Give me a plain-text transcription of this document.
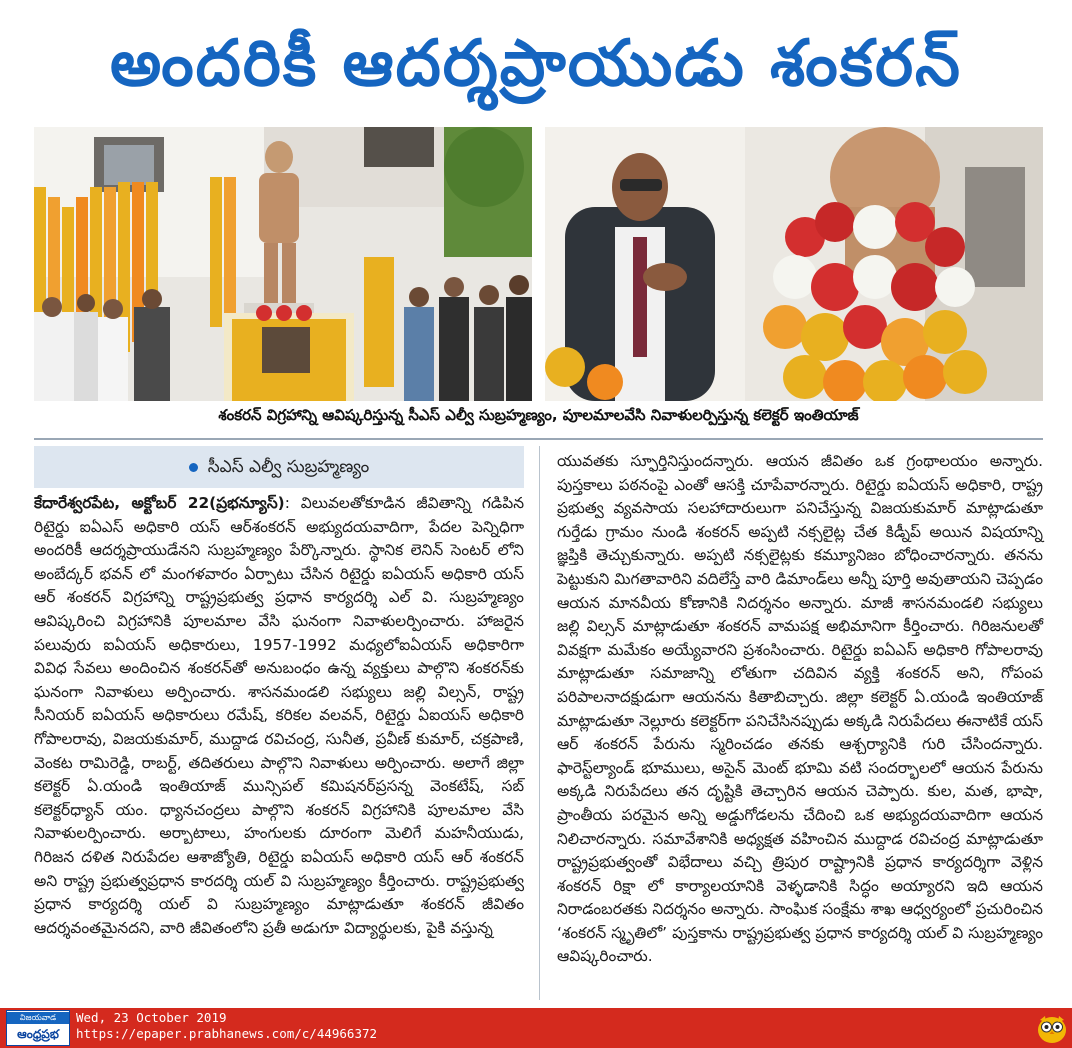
అందరికీ ఆదర్శప్రాయుడు శంకరన్
శంకరన్ విగ్రహాన్ని ఆవిష్కరిస్తున్న సీఎస్ ఎల్వీ సుబ్రహ్మణ్యం, పూలమాలవేసి నివాళులర్పిస్తున్న కలెక్టర్ ఇంతియాజ్
సీఎస్ ఎల్వీ సుబ్రహ్మణ్యం

కేదారేశ్వరపేట, అక్టోబర్ 22(ప్రభన్యూస్): విలువలతోకూడిన జీవితాన్ని గడిపిన రిటైర్డు ఐఏఎస్ అధికారి యస్ ఆర్‌శంకరన్ అభ్యుదయవాదిగా, పేదల పెన్నిధిగా అందరికీ ఆదర్శప్రాయుడేనని సుబ్రహ్మణ్యం పేర్కొన్నారు. స్థానిక లెనిన్ సెంటర్ లోని అంబేద్కర్ భవన్ లో మంగళవారం ఏర్పాటు చేసిన రిటైర్డు ఐఏయస్ అధికారి యస్ ఆర్ శంకరన్ విగ్రహాన్ని రాష్ట్రప్రభుత్వ ప్రధాన కార్యదర్శి ఎల్ వి. సుబ్రహ్మణ్యం ఆవిష్కరించి విగ్రహానికి పూలమాల వేసి ఘనంగా నివాళులర్పించారు. హాజరైన పలువురు ఐఏయస్ అధికారులు, 1957-1992 మధ్యలోఐఏయస్ అధికారిగా వివిధ సేవలు అందించిన శంకరన్‌తో అనుబంధం ఉన్న వ్యక్తులు పాల్గొని శంకరన్‌కు ఘనంగా నివాళులు అర్పించారు. శాసనమండలి సభ్యులు జల్లి విల్సన్, రాష్ట్ర సీనియర్ ఐఏయస్ అధికారులు రమేష్, కరికల వలవన్, రిటైర్డు ఏఐయస్ అధికారి గోపాలరావు, విజయకుమార్, ముద్దాడ రవిచంద్ర, సునీత, ప్రవీణ్ కుమార్, చక్రపాణి, వెంకట రామిరెడ్డి, రాబర్ట్, తదితరులు పాల్గొని నివాళులు అర్పించారు. అలాగే జిల్లా కలెక్టర్ ఏ.యండి ఇంతియాజ్ మున్సిపల్ కమిషనర్‌ప్రసన్న వెంకటేష్, సబ్ కలెక్టర్‌ధ్యాన్ యం. ధ్యానచంద్రలు పాల్గొని శంకరన్ విగ్రహానికి పూలమాల వేసి నివాళులర్పించారు. అర్బాటాలు, హంగులకు దూరంగా మెలిగే మహనీయుడు, గిరిజన దళిత నిరుపేదల ఆశాజ్యోతి, రిటైర్డు ఐఏయస్ అధికారి యస్ ఆర్ శంకరన్ అని రాష్ట్ర ప్రభుత్వప్రధాన కారదర్శి యల్ వి సుబ్రహ్మణ్యం కీర్తించారు. రాష్ట్రప్రభుత్వ ప్రధాన కార్యదర్శి యల్ వి సుబ్రహ్మణ్యం మాట్లాడుతూ శంకరన్ జీవితం ఆదర్శవంతమైనదని, వారి జీవితంలోని ప్రతీ అడుగూ విద్యార్థులకు, పైకి వస్తున్న

యువతకు స్ఫూర్తినిస్తుందన్నారు. ఆయన జీవితం ఒక గ్రంథాలయం అన్నారు. పుస్తకాలు పఠనంపై ఎంతో ఆసక్తి చూపేవారన్నారు. రిటైర్డు ఐఏయస్ అధికారి, రాష్ట్ర ప్రభుత్వ వ్యవసాయ సలహాదారులుగా పనిచేస్తున్న విజయకుమార్ మాట్లాడుతూ గుర్తేడు గ్రామం నుండి శంకరన్ అప్పటి నక్సలైట్ల చేత కిడ్నీప్ అయిన విషయాన్ని జ్ఞప్తికి తెచ్చుకున్నారు. అప్పటి నక్సలైట్లకు కమ్యూనిజం బోధించారన్నారు. తనను పెట్టుకుని మిగతావారిని వదిలేస్తే వారి డిమాండ్‌లు అన్నీ పూర్తి అవుతాయని చెప్పడం ఆయన మానవీయ కోణానికి నిదర్శనం అన్నారు. మాజీ శాసనమండలి సభ్యులు జల్లి విల్సన్ మాట్లాడుతూ శంకరన్ వామపక్ష అభిమానిగా కీర్తించారు. గిరిజనులతో వివక్షగా మమేకం అయ్యేవారని ప్రశంసించారు. రిటైర్డు ఐఏఎస్ అధికారి గోపాలరావు మాట్లాడుతూ సమాజాన్ని లోతుగా చదివిన వ్యక్తి శంకరన్ అని, గోపంప పరిపాలనాదక్షుడుగా ఆయనను కితాబిచ్చారు. జిల్లా కలెక్టర్ ఏ.యండి ఇంతియాజ్ మాట్లాడుతూ నెల్లూరు కలెక్టర్‌గా పనిచేసినప్పుడు అక్కడి నిరుపేదలు ఈనాటికే యస్ ఆర్ శంకరన్ పేరును స్మరించడం తనకు ఆశ్చర్యానికి గురి చేసిందన్నారు. ఫారెస్ట్‌ల్యాండ్ భూములు, అసైన్ మెంట్ భూమి వటి సందర్భాలలో ఆయన పేరును అక్కడి నిరుపేదలు తన దృష్టికి తెచ్చారిన ఆయన చెప్పారు. కుల, మత, భాషా, ప్రాంతీయ పరమైన అన్ని అడ్డుగోడలను చేదించి ఒక అభ్యుదయవాదిగా ఆయన నిలిచారన్నారు. సమావేశానికి అధ్యక్షత వహించిన ముద్దాడ రవిచంద్ర మాట్లాడుతూ రాష్ట్రప్రభుత్వంతో విభేదాలు వచ్చి త్రిపుర రాష్ట్రానికి ప్రధాన కార్యదర్శిగా వెళ్లిన శంకరన్ రిక్షా లో కార్యాలయానికి వెళ్ళడానికి సిద్ధం అయ్యారని ఇది ఆయన నిరాడంబరతకు నిదర్శనం అన్నారు. సాంఘిక సంక్షేమ శాఖ ఆధ్వర్యంలో ప్రచురించిన ‘శంకరన్ స్మృతిలో’ పుస్తకాను రాష్ట్రప్రభుత్వ ప్రధాన కార్యదర్శి యల్ వి సుబ్రహ్మణ్యం ఆవిష్కరించారు.

విజయవాడ
ఆంధ్రప్రభ
Wed, 23 October 2019
https://epaper.prabhanews.com/c/44966372
